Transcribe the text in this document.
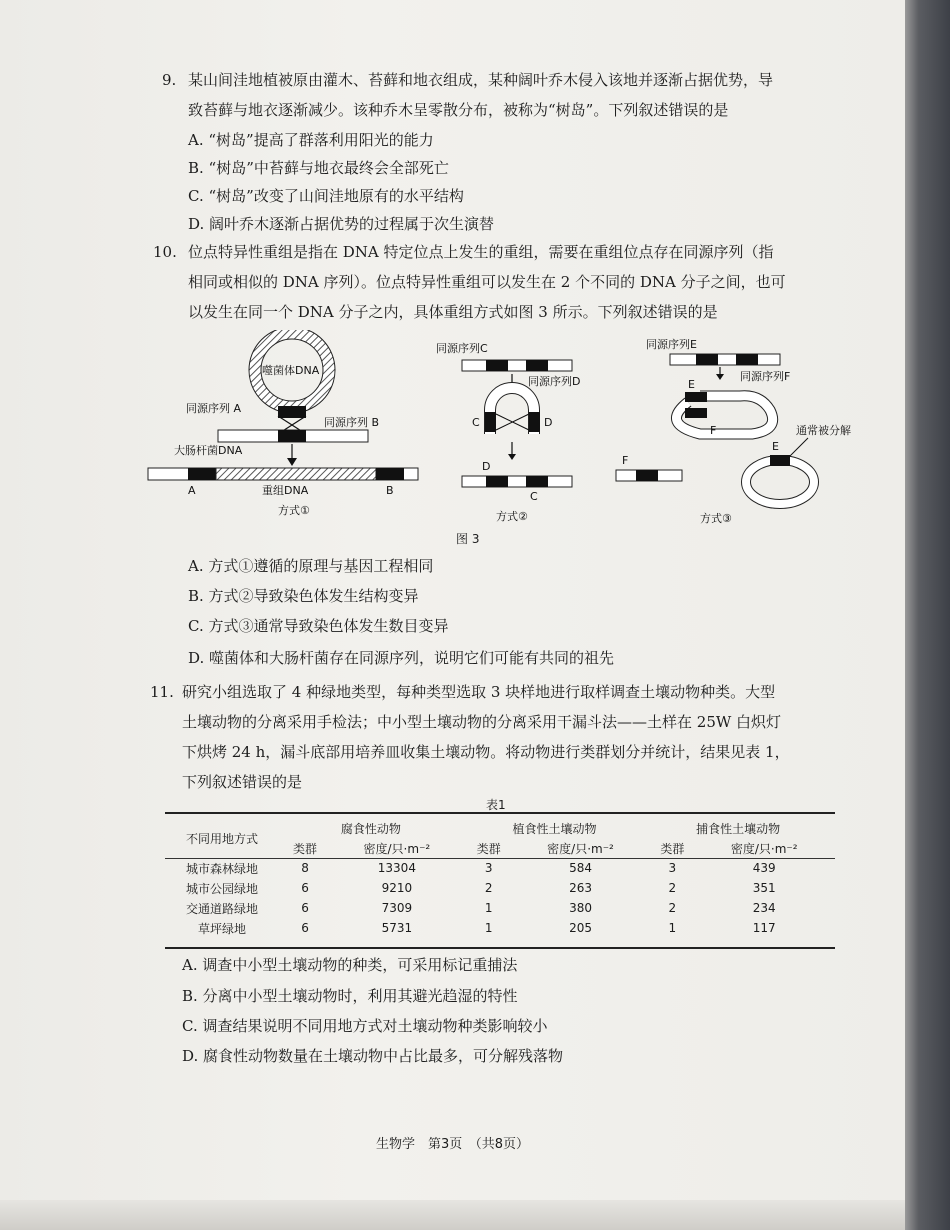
9. 某山间洼地植被原由灌木、苔藓和地衣组成，某种阔叶乔木侵入该地并逐渐占据优势，导
致苔藓与地衣逐渐减少。该种乔木呈零散分布，被称为“树岛”。下列叙述错误的是
A. “树岛”提高了群落利用阳光的能力
B. “树岛”中苔藓与地衣最终会全部死亡
C. “树岛”改变了山间洼地原有的水平结构
D. 阔叶乔木逐渐占据优势的过程属于次生演替
10. 位点特异性重组是指在 DNA 特定位点上发生的重组，需要在重组位点存在同源序列（指
相同或相似的 DNA 序列）。位点特异性重组可以发生在 2 个不同的 DNA 分子之间，也可
以发生在同一个 DNA 分子之内，具体重组方式如图 3 所示。下列叙述错误的是
噬菌体DNA
同源序列 A
同源序列 B
大肠杆菌DNA
A	重组DNA	B
方式①
同源序列C
同源序列D
C	D
D
C
方式②
同源序列E
同源序列F
E
F
F
E
通常被分解
方式③
图 3
A. 方式①遵循的原理与基因工程相同
B. 方式②导致染色体发生结构变异
C. 方式③通常导致染色体发生数目变异
D. 噬菌体和大肠杆菌存在同源序列，说明它们可能有共同的祖先
11. 研究小组选取了 4 种绿地类型，每种类型选取 3 块样地进行取样调查土壤动物种类。大型
土壤动物的分离采用手检法；中小型土壤动物的分离采用干漏斗法——土样在 25W 白炽灯
下烘烤 24 h，漏斗底部用培养皿收集土壤动物。将动物进行类群划分并统计，结果见表 1，
下列叙述错误的是
表1
不同用地方式	腐食性动物		植食性土壤动物		捕食性土壤动物	
	类群	密度/只·m⁻²	类群	密度/只·m⁻²	类群	密度/只·m⁻²
城市森林绿地	8	13304	3	584	3	439
城市公园绿地	6	9210	2	263	2	351
交通道路绿地	6	7309	1	380	2	234
草坪绿地	6	5731	1	205	1	117
A. 调查中小型土壤动物的种类，可采用标记重捕法
B. 分离中小型土壤动物时，利用其避光趋湿的特性
C. 调查结果说明不同用地方式对土壤动物种类影响较小
D. 腐食性动物数量在土壤动物中占比最多，可分解残落物
生物学　第3页　（共8页）
